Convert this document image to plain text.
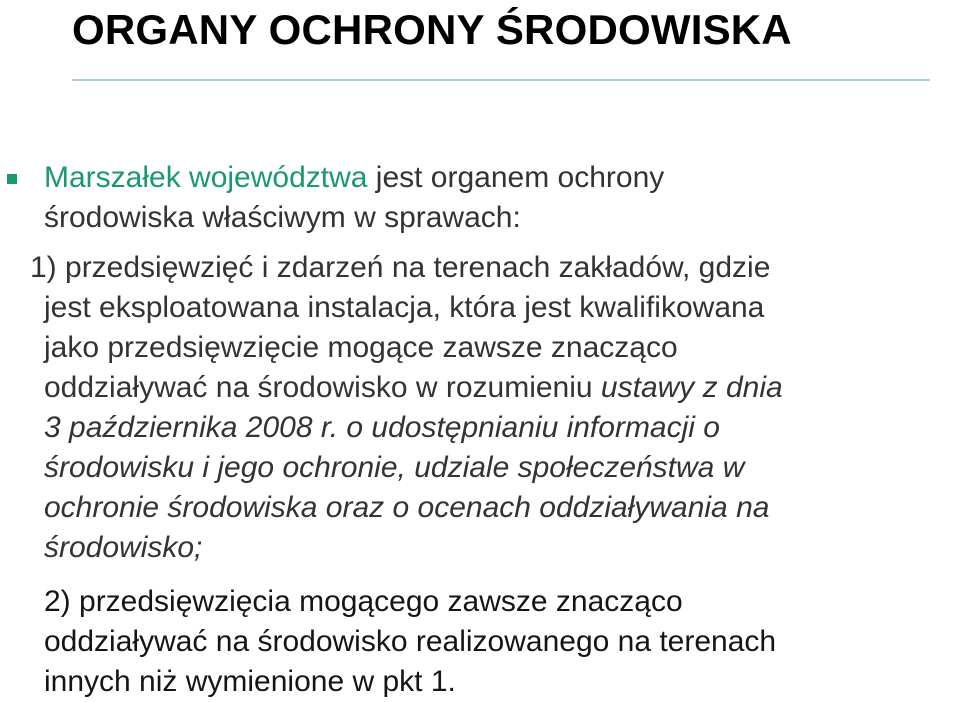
ORGANY OCHRONY ŚRODOWISKA
Marszałek województwa jest organem ochrony
środowiska właściwym w sprawach:
1) przedsięwzięć i zdarzeń na terenach zakładów, gdzie
jest eksploatowana instalacja, która jest kwalifikowana
jako przedsięwzięcie mogące zawsze znacząco
oddziaływać na środowisko w rozumieniu ustawy z dnia
3 października 2008 r. o udostępnianiu informacji o
środowisku i jego ochronie, udziale społeczeństwa w
ochronie środowiska oraz o ocenach oddziaływania na
środowisko;
2) przedsięwzięcia mogącego zawsze znacząco
oddziaływać na środowisko realizowanego na terenach
innych niż wymienione w pkt 1.
